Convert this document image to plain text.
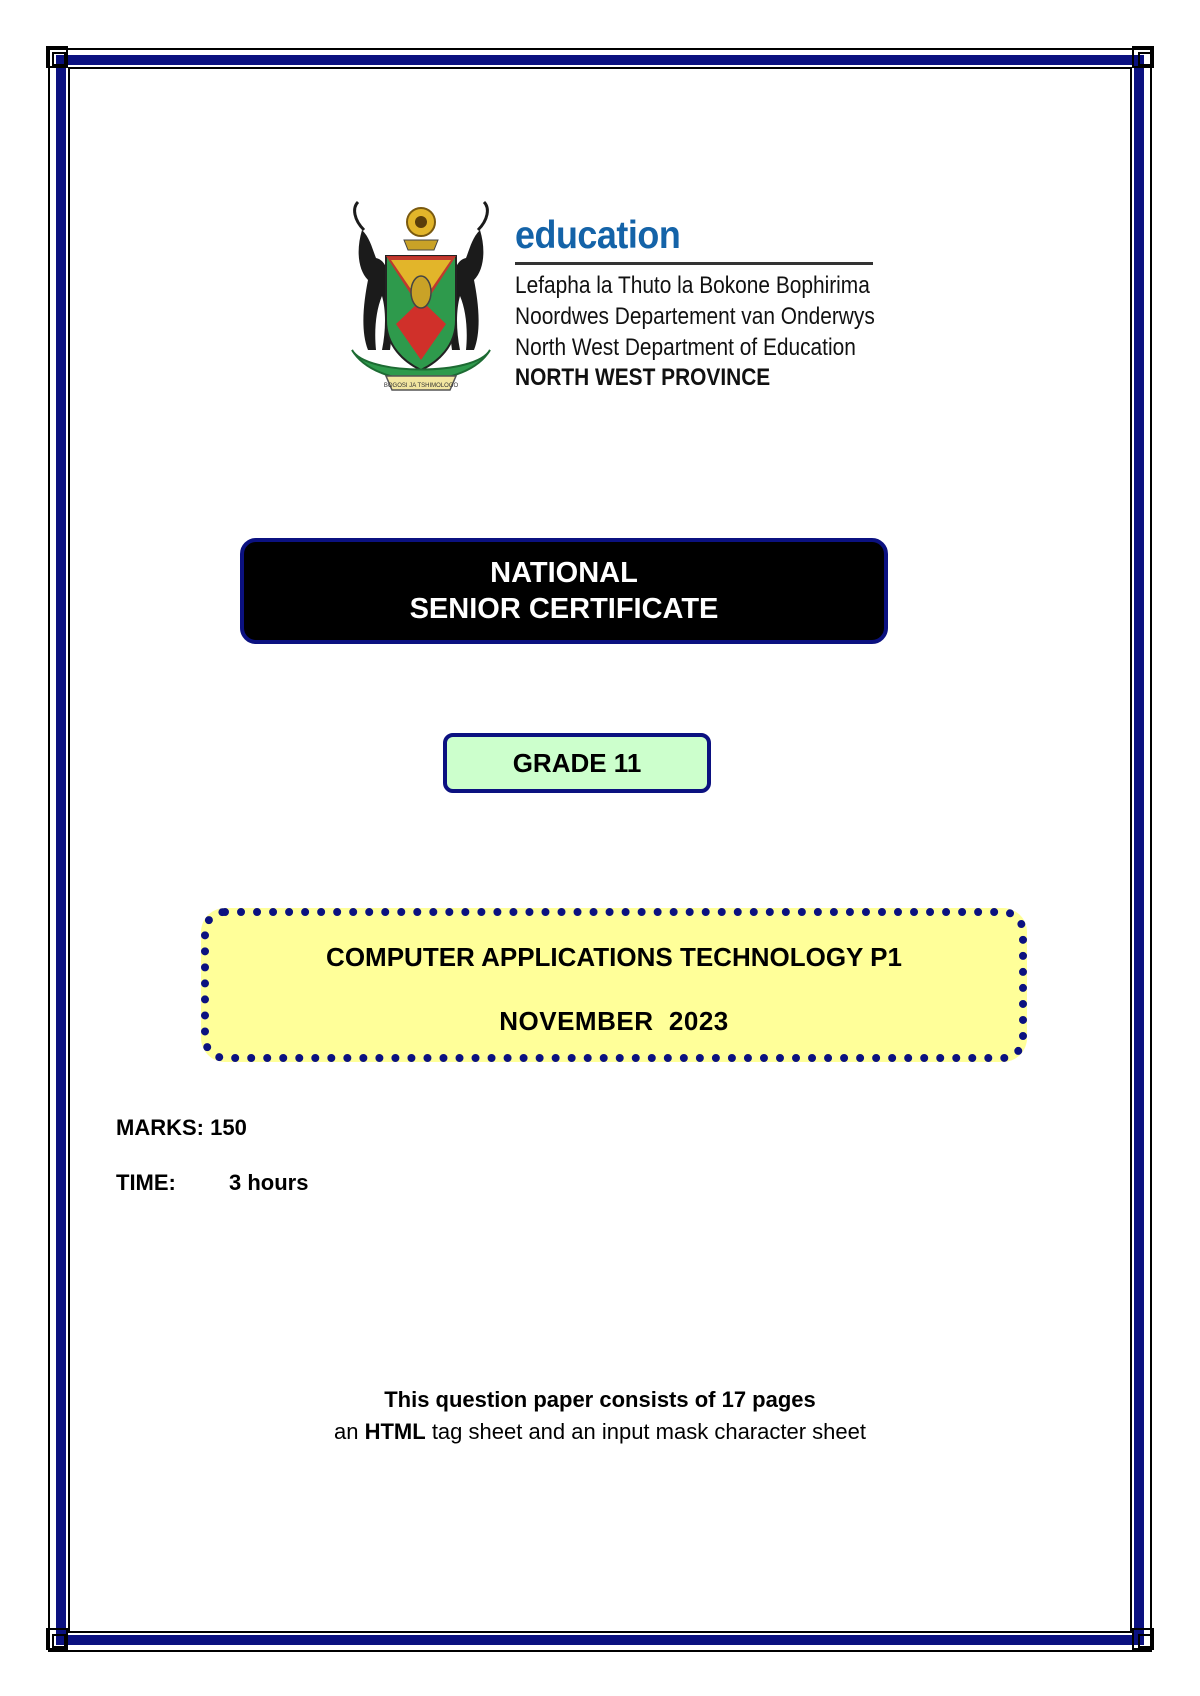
BOGOSI JA TSHIMOLOGO
education
Lefapha la Thuto la Bokone Bophirima
Noordwes Departement van Onderwys
North West Department of Education
NORTH WEST PROVINCE
NATIONAL
SENIOR CERTIFICATE
GRADE 11
COMPUTER APPLICATIONS TECHNOLOGY P1
NOVEMBER  2023
MARKS: 150
TIME: 3 hours
This question paper consists of 17 pages
an HTML tag sheet and an input mask character sheet
